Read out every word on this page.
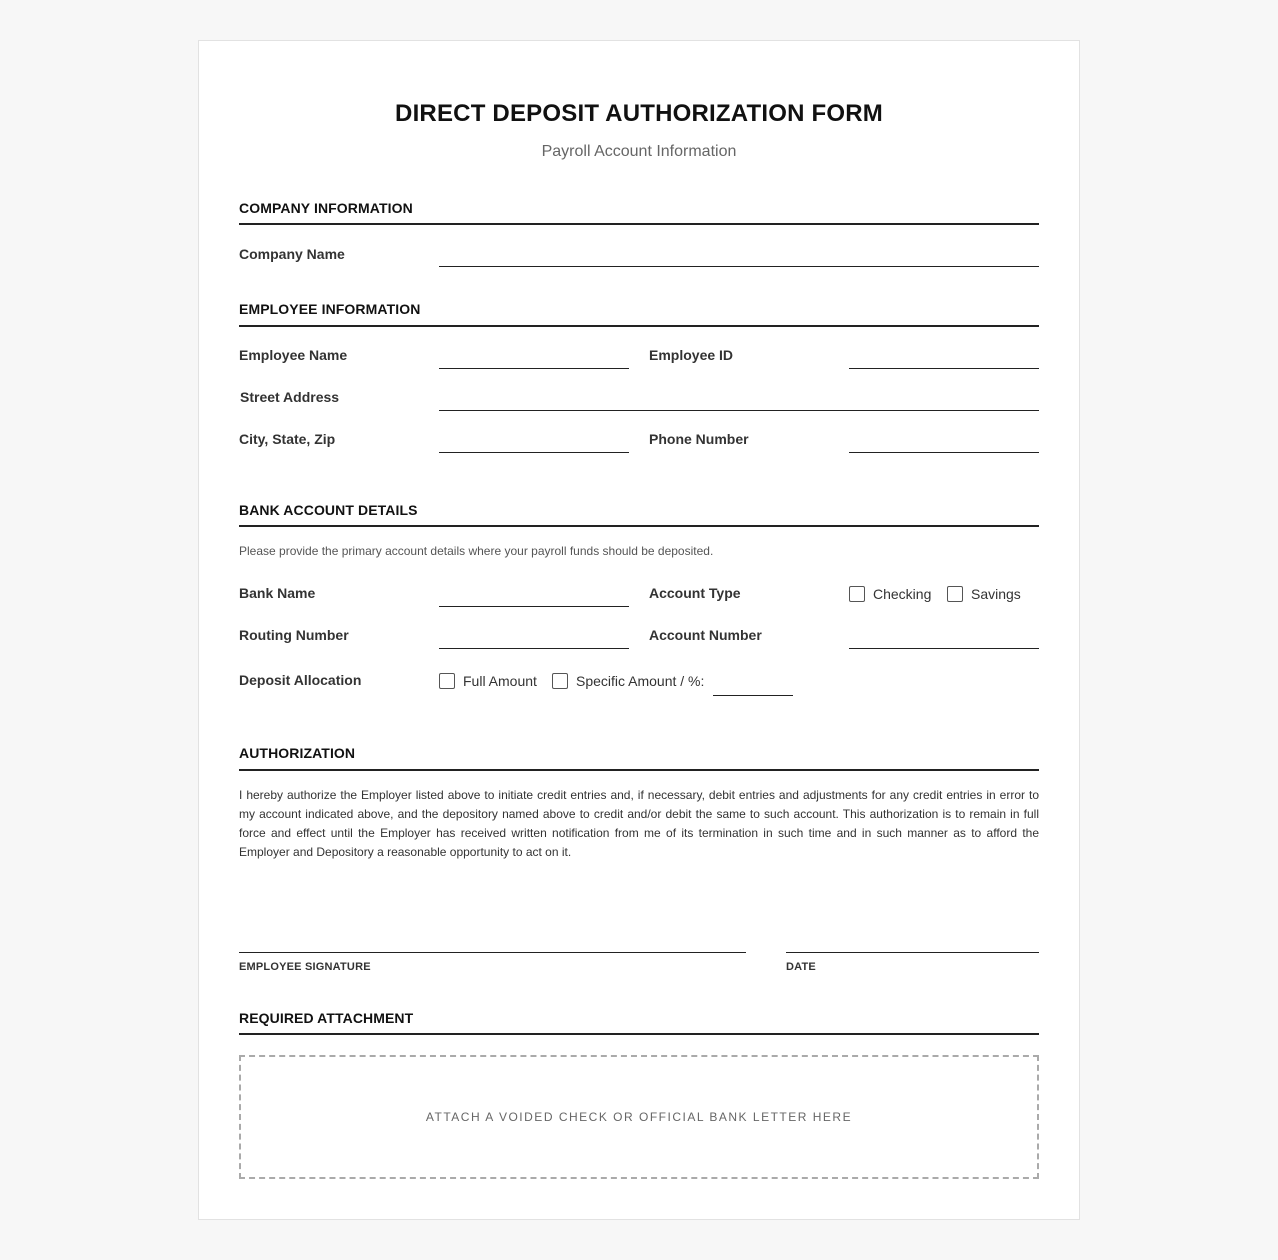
DIRECT DEPOSIT AUTHORIZATION FORM
Payroll Account Information
COMPANY INFORMATION
Company Name
EMPLOYEE INFORMATION
Employee Name	Employee ID
Street Address
City, State, Zip	Phone Number
BANK ACCOUNT DETAILS
Please provide the primary account details where your payroll funds should be deposited.
Bank Name	Account Type	Checking	Savings
Routing Number	Account Number
Deposit Allocation	Full Amount	Specific Amount / %:
AUTHORIZATION
I hereby authorize the Employer listed above to initiate credit entries and, if necessary, debit entries and adjustments for any credit entries in error to my account indicated above, and the depository named above to credit and/or debit the same to such account. This authorization is to remain in full force and effect until the Employer has received written notification from me of its termination in such time and in such manner as to afford the Employer and Depository a reasonable opportunity to act on it.
EMPLOYEE SIGNATURE	DATE
REQUIRED ATTACHMENT
ATTACH A VOIDED CHECK OR OFFICIAL BANK LETTER HERE
